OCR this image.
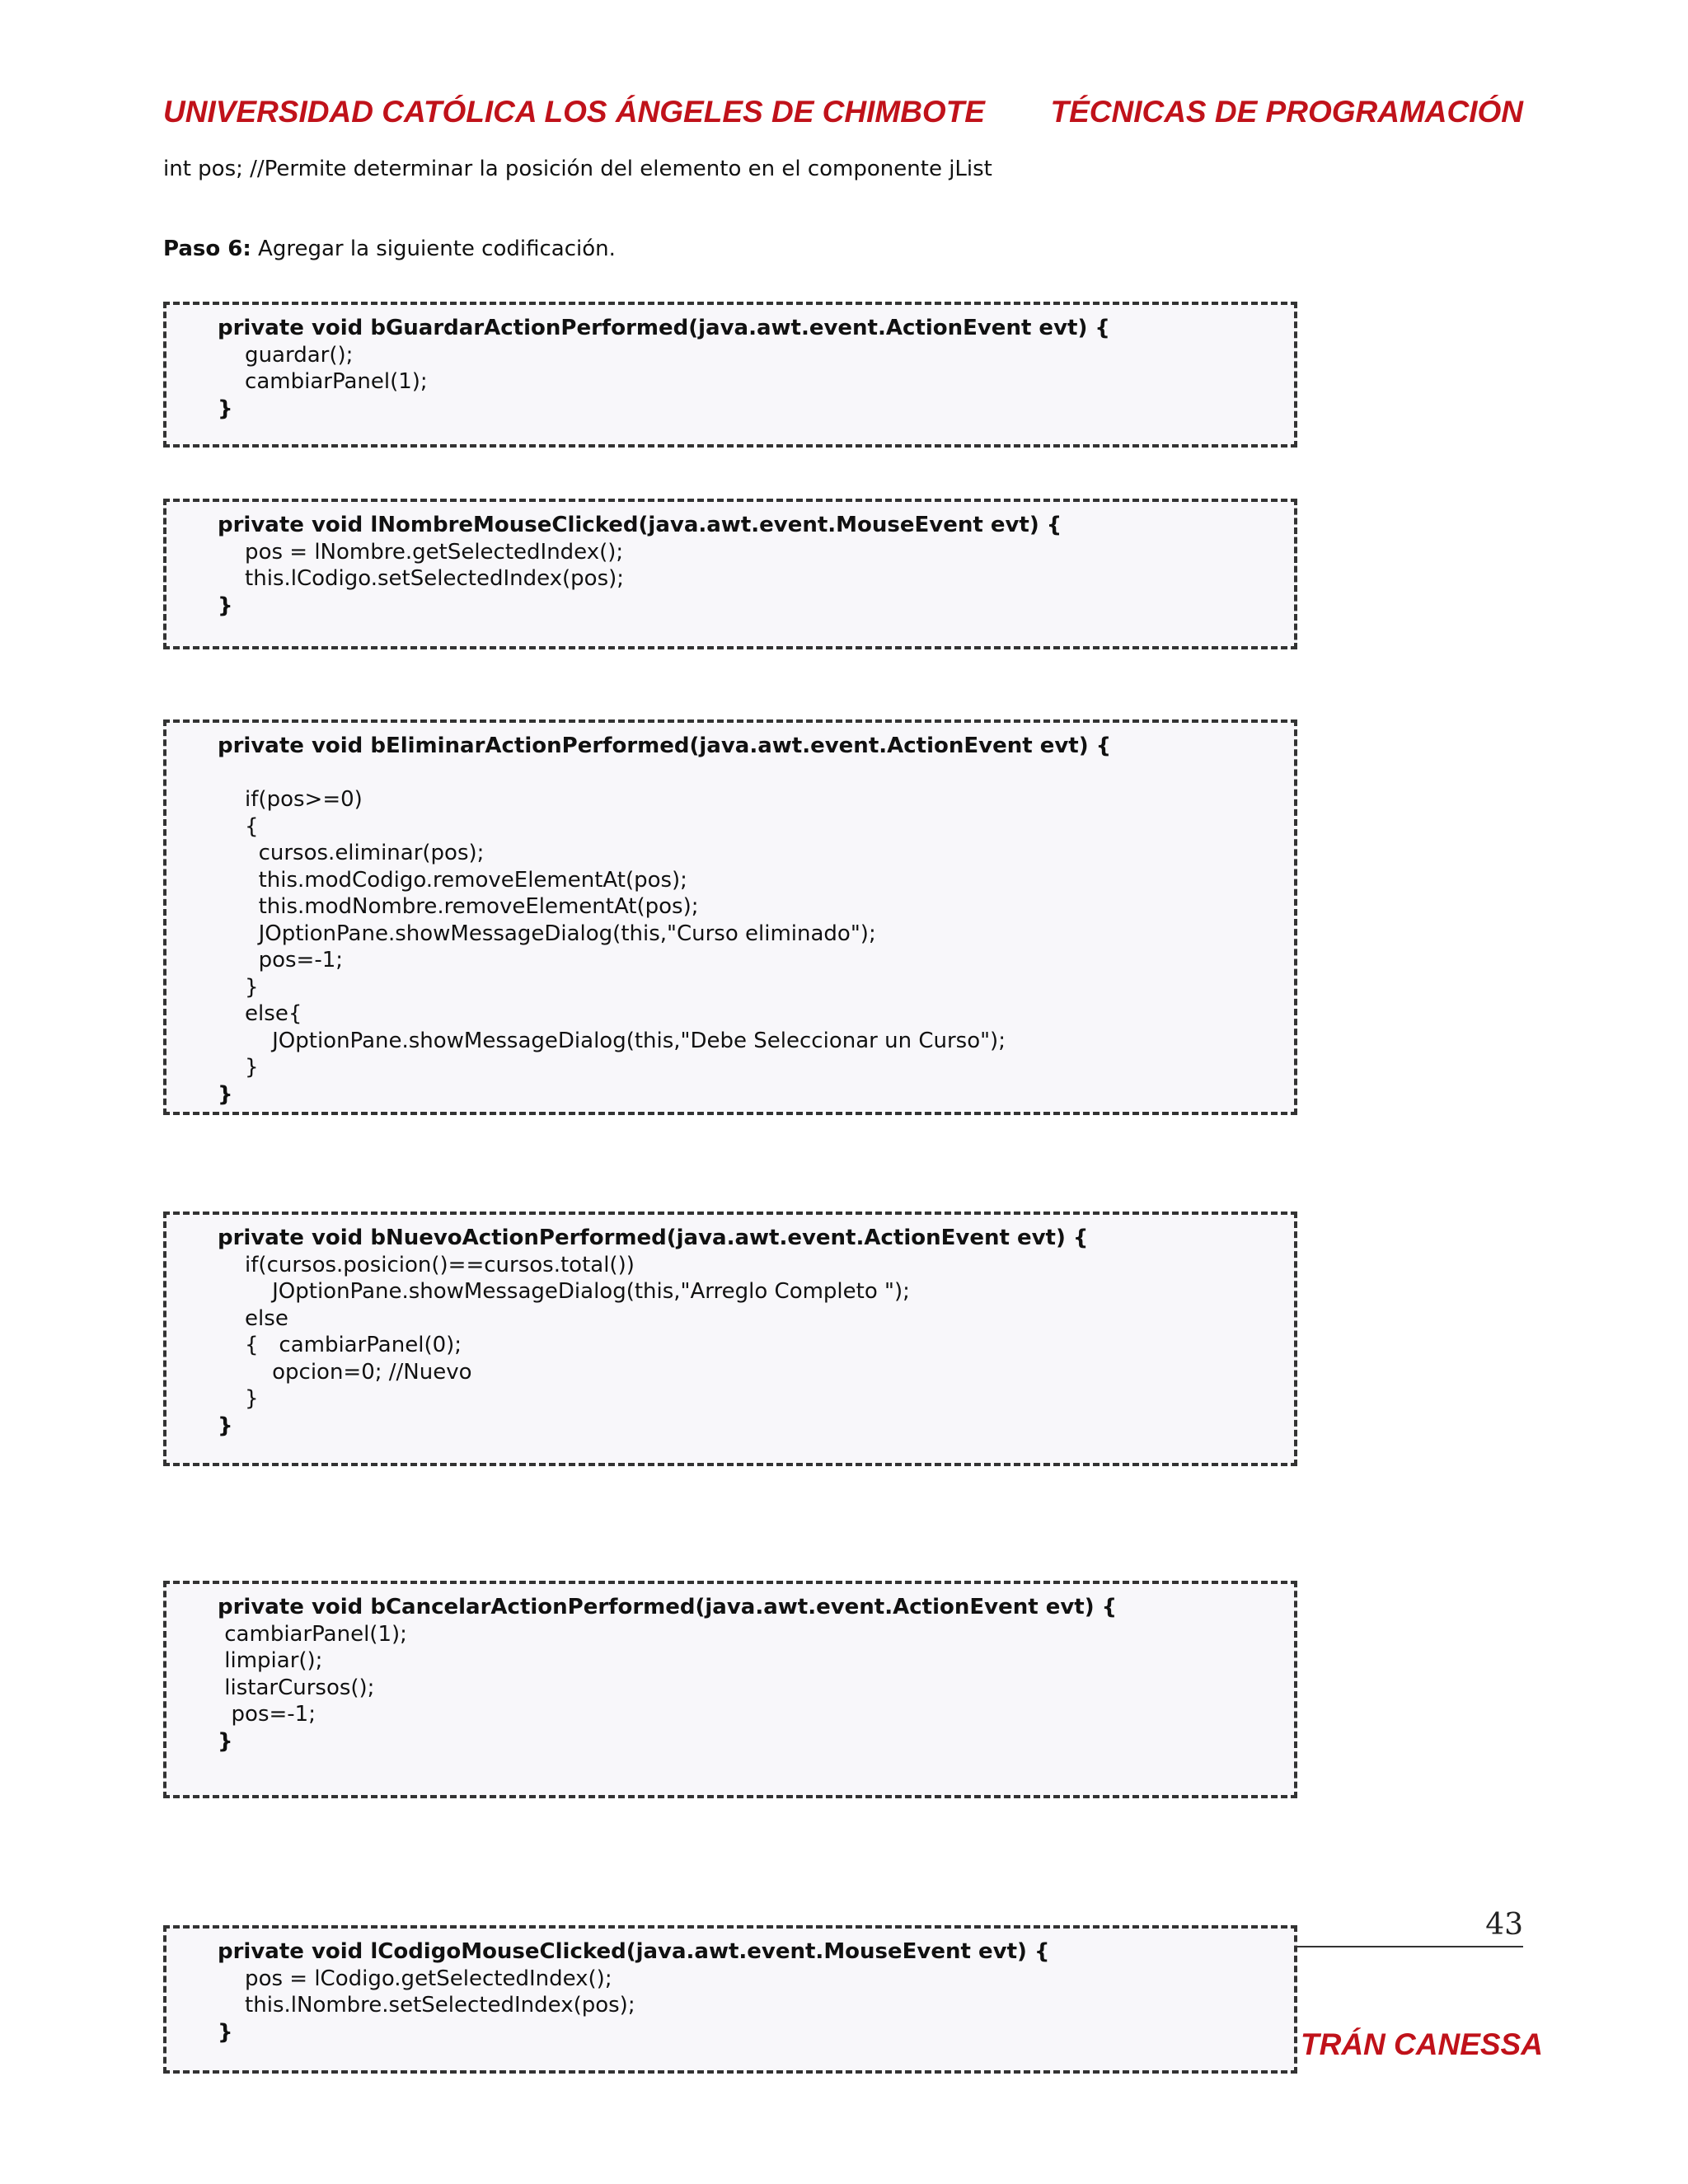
UNIVERSIDAD CATÓLICA LOS ÁNGELES DE CHIMBOTE TÉCNICAS DE PROGRAMACIÓN
int pos; //Permite determinar la posición del elemento en el componente jList
Paso 6: Agregar la siguiente codificación.
private void bGuardarActionPerformed(java.awt.event.ActionEvent evt) {
guardar();
cambiarPanel(1);
}
private void lNombreMouseClicked(java.awt.event.MouseEvent evt) {
pos = lNombre.getSelectedIndex();
this.lCodigo.setSelectedIndex(pos);
}
private void bEliminarActionPerformed(java.awt.event.ActionEvent evt) {

if(pos>=0)
{
cursos.eliminar(pos);
this.modCodigo.removeElementAt(pos);
this.modNombre.removeElementAt(pos);
JOptionPane.showMessageDialog(this,"Curso eliminado");
pos=-1;
}
else{
JOptionPane.showMessageDialog(this,"Debe Seleccionar un Curso");
}
}
private void bNuevoActionPerformed(java.awt.event.ActionEvent evt) {
if(cursos.posicion()==cursos.total())
JOptionPane.showMessageDialog(this,"Arreglo Completo ");
else
{   cambiarPanel(0);
opcion=0; //Nuevo
}
}
private void bCancelarActionPerformed(java.awt.event.ActionEvent evt) {
cambiarPanel(1);
limpiar();
listarCursos();
pos=-1;
}
private void lCodigoMouseClicked(java.awt.event.MouseEvent evt) {
pos = lCodigo.getSelectedIndex();
this.lNombre.setSelectedIndex(pos);
}
43
TRÁN CANESSA
